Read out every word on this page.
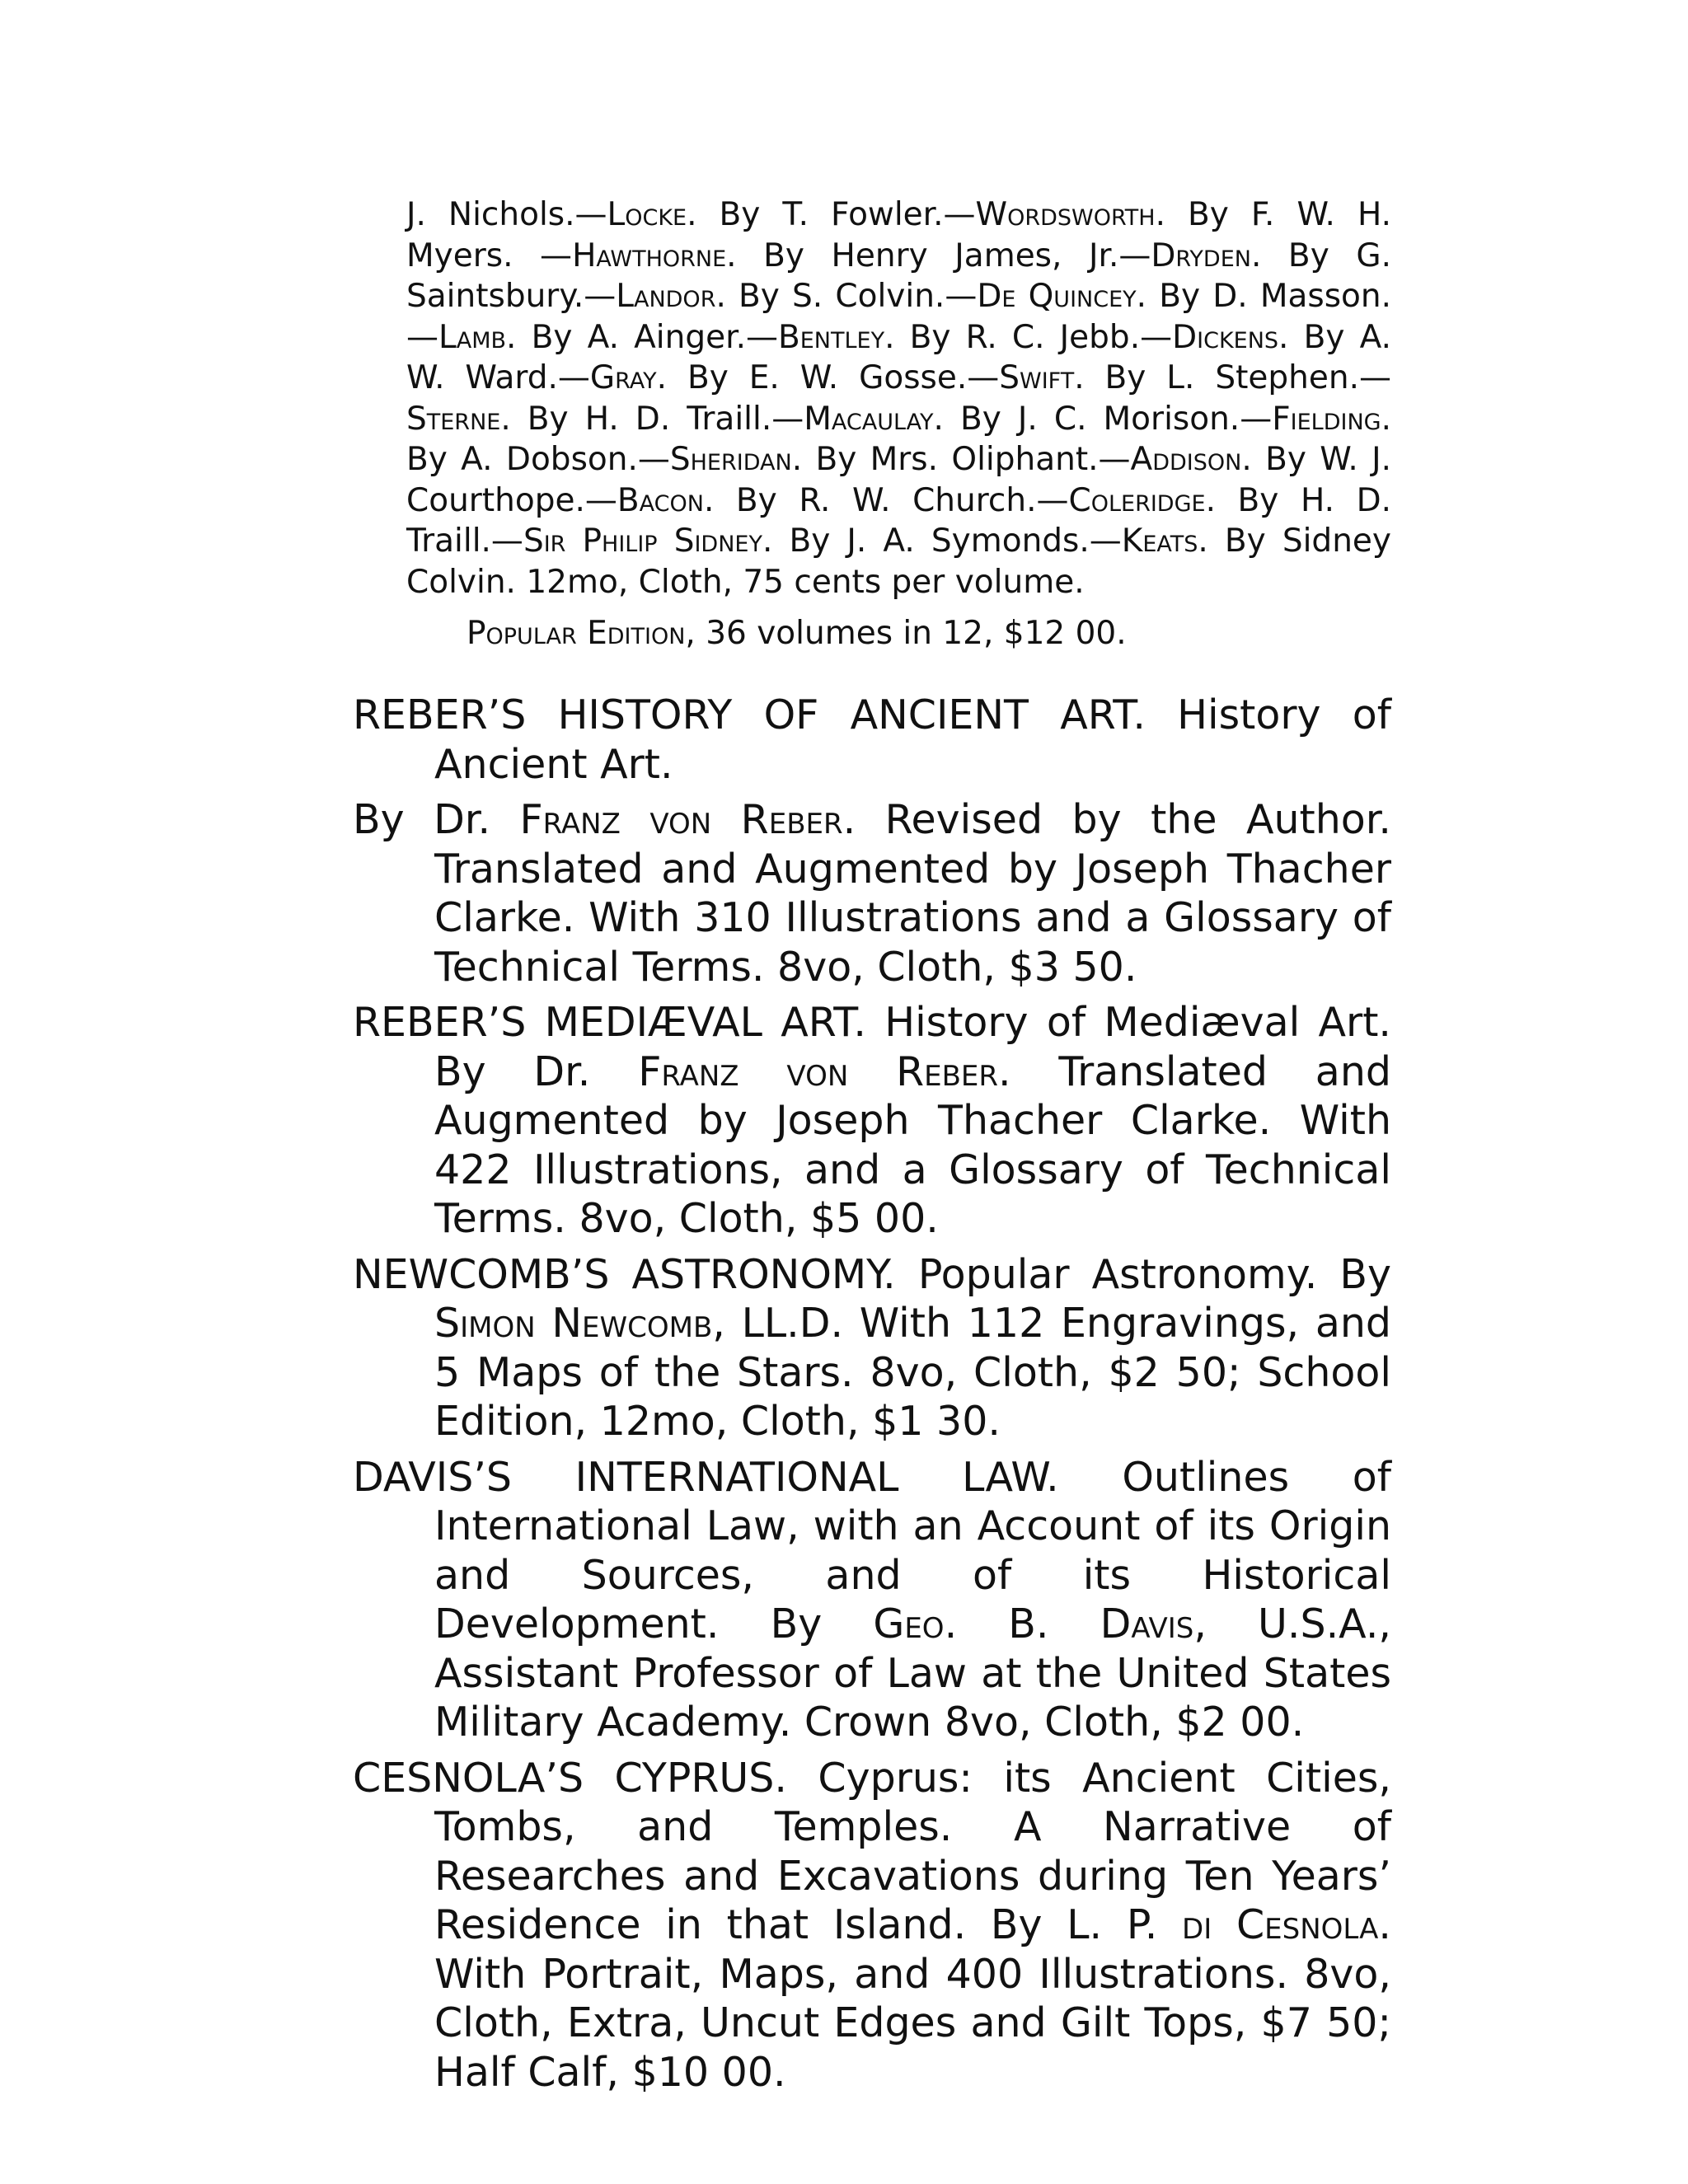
J. Nichols.—Locke. By T. Fowler.—Wordsworth. By F. W. H. Myers. —Hawthorne. By Henry James, Jr.—Dryden. By G. Saintsbury.—Landor. By S. Colvin.—De Quincey. By D. Masson.—Lamb. By A. Ainger.—Bentley. By R. C. Jebb.—Dickens. By A. W. Ward.—Gray. By E. W. Gosse.—Swift. By L. Stephen.—Sterne. By H. D. Traill.—Macaulay. By J. C. Morison.—Fielding. By A. Dobson.—Sheridan. By Mrs. Oliphant.—Addison. By W. J. Courthope.—Bacon. By R. W. Church.—Coleridge. By H. D. Traill.—Sir Philip Sidney. By J. A. Symonds.—Keats. By Sidney Colvin. 12mo, Cloth, 75 cents per volume.

Popular Edition, 36 volumes in 12, $12 00.

REBER’S HISTORY OF ANCIENT ART. History of Ancient Art.

By Dr. Franz von Reber. Revised by the Author. Translated and Augmented by Joseph Thacher Clarke. With 310 Illustrations and a Glossary of Technical Terms. 8vo, Cloth, $3 50.

REBER’S MEDIÆVAL ART. History of Mediæval Art. By Dr. Franz von Reber. Translated and Augmented by Joseph Thacher Clarke. With 422 Illustrations, and a Glossary of Technical Terms. 8vo, Cloth, $5 00.

NEWCOMB’S ASTRONOMY. Popular Astronomy. By Simon Newcomb, LL.D. With 112 Engravings, and 5 Maps of the Stars. 8vo, Cloth, $2 50; School Edition, 12mo, Cloth, $1 30.

DAVIS’S INTERNATIONAL LAW. Outlines of International Law, with an Account of its Origin and Sources, and of its Historical Development. By Geo. B. Davis, U.S.A., Assistant Professor of Law at the United States Military Academy. Crown 8vo, Cloth, $2 00.

CESNOLA’S CYPRUS. Cyprus: its Ancient Cities, Tombs, and Temples. A Narrative of Researches and Excavations during Ten Years’ Residence in that Island. By L. P. di Cesnola. With Portrait, Maps, and 400 Illustrations. 8vo, Cloth, Extra, Uncut Edges and Gilt Tops, $7 50; Half Calf, $10 00.
